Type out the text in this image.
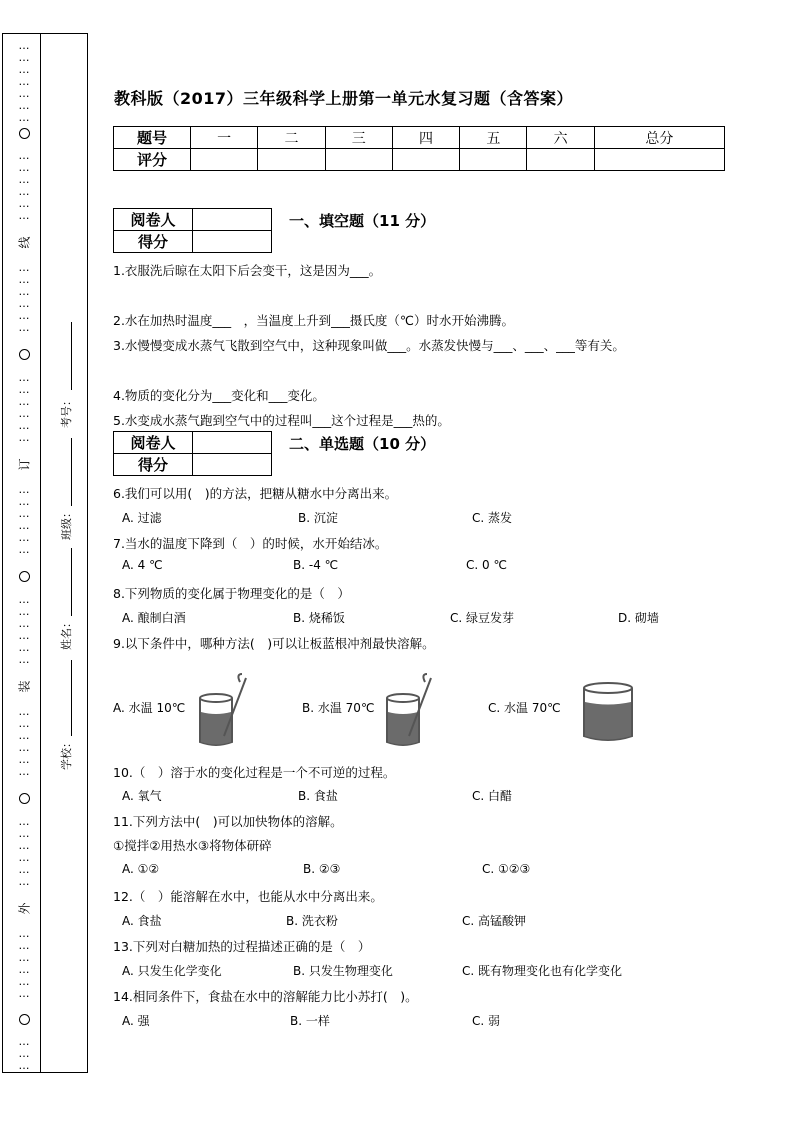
…
…
…
…
…
…
…
…
…
…
…
…
…
线
…
…
…
…
…
…
…
…
…
…
…
…
订
…
…
…
…
…
…
…
…
…
…
…
…
装
…
…
…
…
…
…
…
…
…
…
…
…
外
…
…
…
…
…
…
…
…
…
考号：
班级：
姓名：
学校：
教科版（2017）三年级科学上册第一单元水复习题（含答案）
题号	一	二	三	四	五	六	总分
评分							
阅卷人	
得分	
一、填空题（11 分）
1.衣服洗后晾在太阳下后会变干，这是因为___。
2.水在加热时温度___　，当温度上升到___摄氏度（℃）时水开始沸腾。
3.水慢慢变成水蒸气飞散到空气中，这种现象叫做___。水蒸发快慢与___、___、___等有关。
4.物质的变化分为___变化和___变化。
5.水变成水蒸气跑到空气中的过程叫___这个过程是___热的。
阅卷人	
得分	
二、单选题（10 分）
6.我们可以用(　)的方法，把糖从糖水中分离出来。
A. 过滤	B. 沉淀	C. 蒸发
7.当水的温度下降到（　）的时候，水开始结冰。
A. 4 ℃	B. -4 ℃	C. 0 ℃
8.下列物质的变化属于物理变化的是（　）
A. 酿制白酒	B. 烧稀饭	C. 绿豆发芽	D. 砌墙
9.以下条件中，哪种方法(　)可以让板蓝根冲剂最快溶解。
A. 水温 10℃	B. 水温 70℃	C. 水温 70℃
10.（　）溶于水的变化过程是一个不可逆的过程。
A. 氧气	B. 食盐	C. 白醋
11.下列方法中(　)可以加快物体的溶解。
①搅拌②用热水③将物体研碎
A. ①②	B. ②③	C. ①②③
12.（　）能溶解在水中，也能从水中分离出来。
A. 食盐	B. 洗衣粉	C. 高锰酸钾
13.下列对白糖加热的过程描述正确的是（　）
A. 只发生化学变化	B. 只发生物理变化	C. 既有物理变化也有化学变化
14.相同条件下，食盐在水中的溶解能力比小苏打(　)。
A. 强	B. 一样	C. 弱
